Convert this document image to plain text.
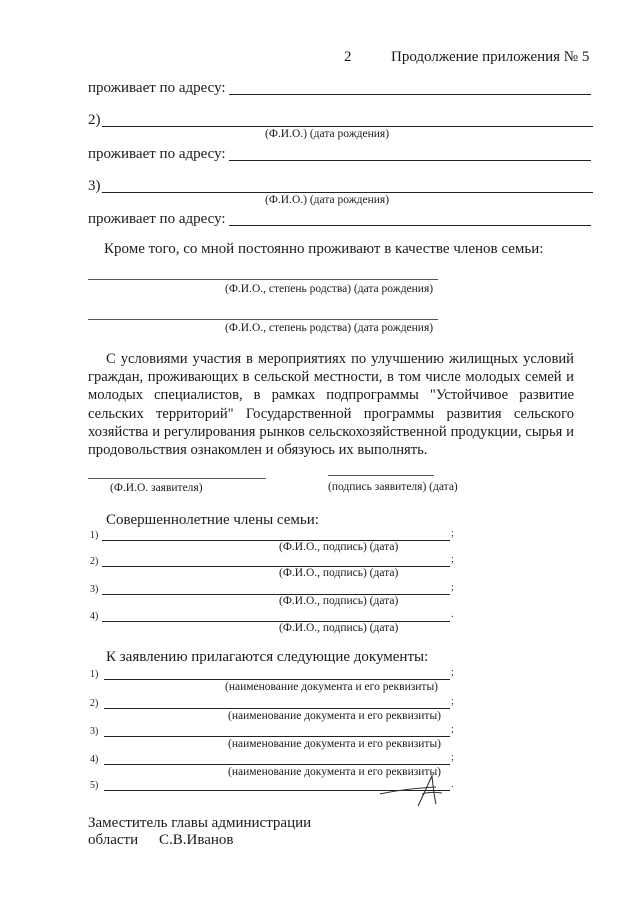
2	Продолжение приложения № 5
проживает по адресу:
2)
(Ф.И.О.) (дата рождения)
проживает по адресу:
3)
(Ф.И.О.) (дата рождения)
проживает по адресу:
Кроме того, со мной постоянно проживают в качестве членов семьи:
(Ф.И.О., степень родства) (дата рождения)
(Ф.И.О., степень родства) (дата рождения)
С условиями участия в мероприятиях по улучшению жилищных условий граждан, проживающих в сельской местности, в том числе молодых семей и молодых специалистов, в рамках подпрограммы "Устойчивое развитие сельских территорий" Государственной программы развития сельского хозяйства и регулирования рынков сельскохозяйственной продукции, сырья и продовольствия ознакомлен и обязуюсь их выполнять.
(Ф.И.О. заявителя)	(подпись заявителя) (дата)
Совершеннолетние члены семьи:
1)	;
(Ф.И.О., подпись) (дата)
2)	;
(Ф.И.О., подпись) (дата)
3)	;
(Ф.И.О., подпись) (дата)
4)	.
(Ф.И.О., подпись) (дата)
К заявлению прилагаются следующие документы:
1)	;
(наименование документа и его реквизиты)
2)	;
(наименование документа и его реквизиты)
3)	;
(наименование документа и его реквизиты)
4)	;
(наименование документа и его реквизиты)
5)	.
Заместитель главы администрации
области С.В.Иванов
